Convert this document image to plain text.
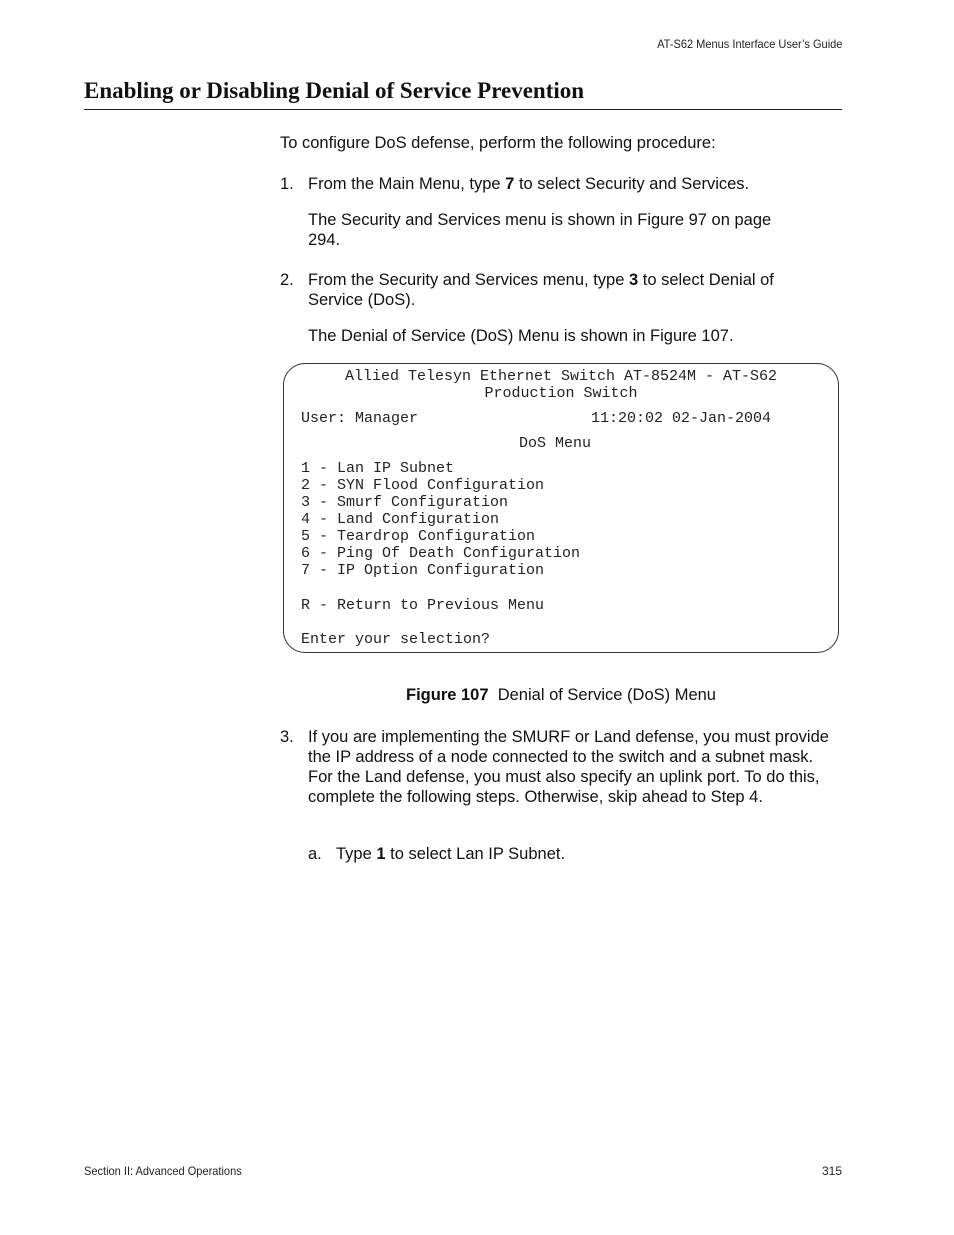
AT-S62 Menus Interface User’s Guide
Enabling or Disabling Denial of Service Prevention
To configure DoS defense, perform the following procedure:
1. From the Main Menu, type 7 to select Security and Services.
The Security and Services menu is shown in Figure 97 on page 294.
2. From the Security and Services menu, type 3 to select Denial of Service (DoS).
The Denial of Service (DoS) Menu is shown in Figure 107.
Allied Telesyn Ethernet Switch AT-8524M - AT-S62
Production Switch
User: Manager	11:20:02 02-Jan-2004
DoS Menu
1 - Lan IP Subnet
2 - SYN Flood Configuration
3 - Smurf Configuration
4 - Land Configuration
5 - Teardrop Configuration
6 - Ping Of Death Configuration
7 - IP Option Configuration
R - Return to Previous Menu
Enter your selection?
Figure 107 Denial of Service (DoS) Menu
3. If you are implementing the SMURF or Land defense, you must provide the IP address of a node connected to the switch and a subnet mask. For the Land defense, you must also specify an uplink port. To do this, complete the following steps. Otherwise, skip ahead to Step 4.
a. Type 1 to select Lan IP Subnet.
Section II: Advanced Operations	315
